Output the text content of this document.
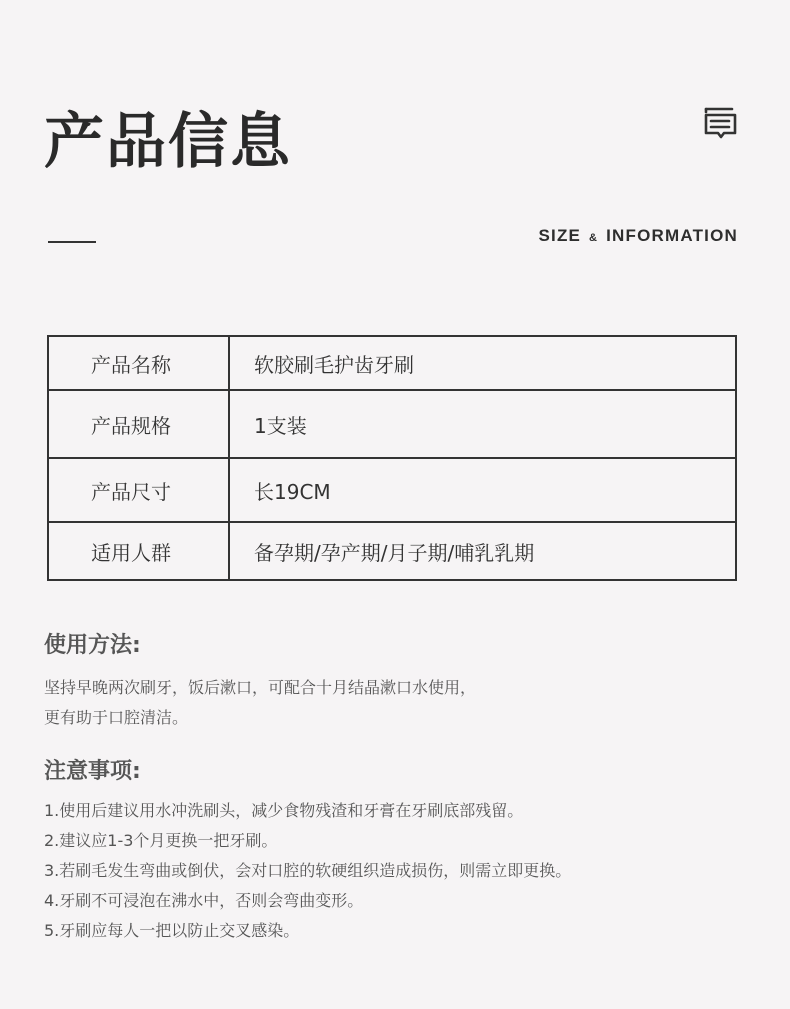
产品信息
SIZE & INFORMATION
产品名称	软胶刷毛护齿牙刷
产品规格	1支装
产品尺寸	长19CM
适用人群	备孕期/孕产期/月子期/哺乳乳期
使用方法:
坚持早晚两次刷牙，饭后漱口，可配合十月结晶漱口水使用，
更有助于口腔清洁。
注意事项:
1.使用后建议用水冲洗刷头，减少食物残渣和牙膏在牙刷底部残留。
2.建议应1-3个月更换一把牙刷。
3.若刷毛发生弯曲或倒伏，会对口腔的软硬组织造成损伤，则需立即更换。
4.牙刷不可浸泡在沸水中，否则会弯曲变形。
5.牙刷应每人一把以防止交叉感染。
